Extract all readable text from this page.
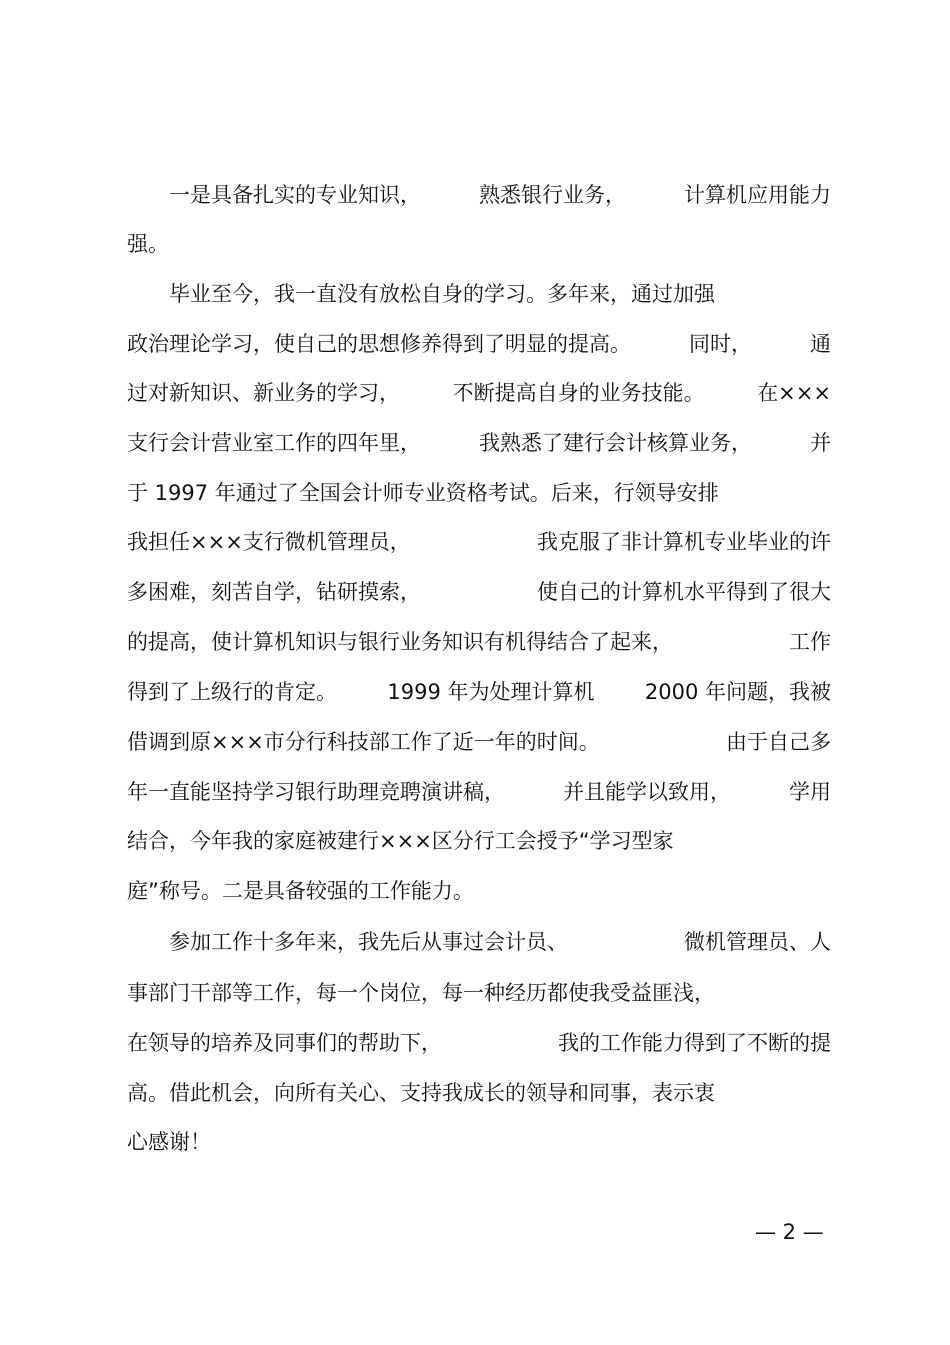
　　一是具备扎实的专业知识，	熟悉银行业务，	计算机应用能力
强。
　　毕业至今，我一直没有放松自身的学习。多年来，通过加强
政治理论学习，使自己的思想修养得到了明显的提高。	同时，	通
过对新知识、新业务的学习，	不断提高自身的业务技能。	在×××
支行会计营业室工作的四年里，	我熟悉了建行会计核算业务，	并
于 1997 年通过了全国会计师专业资格考试。后来，行领导安排
我担任×××支行微机管理员，	我克服了非计算机专业毕业的许
多困难，刻苦自学，钻研摸索，	使自己的计算机水平得到了很大
的提高，使计算机知识与银行业务知识有机得结合了起来，	工作
得到了上级行的肯定。 1999 年为处理计算机 2000 年问题，我被
借调到原×××市分行科技部工作了近一年的时间。	由于自己多
年一直能坚持学习银行助理竞聘演讲稿，	并且能学以致用，	学用
结合，今年我的家庭被建行×××区分行工会授予“学习型家
庭”称号。二是具备较强的工作能力。
　　参加工作十多年来，我先后从事过会计员、	微机管理员、人
事部门干部等工作，每一个岗位，每一种经历都使我受益匪浅，
在领导的培养及同事们的帮助下，	我的工作能力得到了不断的提
高。借此机会，向所有关心、支持我成长的领导和同事，表示衷
心感谢！
— 2 —
